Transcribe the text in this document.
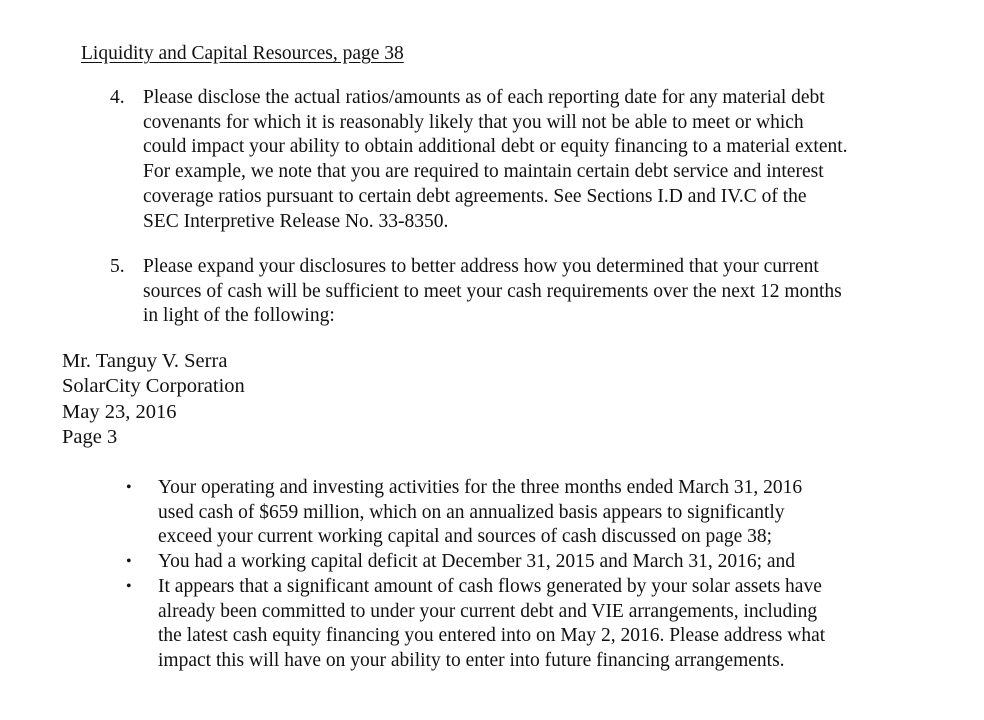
Liquidity and Capital Resources, page 38
4. Please disclose the actual ratios/amounts as of each reporting date for any material debt
covenants for which it is reasonably likely that you will not be able to meet or which
could impact your ability to obtain additional debt or equity financing to a material extent.
For example, we note that you are required to maintain certain debt service and interest
coverage ratios pursuant to certain debt agreements. See Sections I.D and IV.C of the
SEC Interpretive Release No. 33-8350.
5. Please expand your disclosures to better address how you determined that your current
sources of cash will be sufficient to meet your cash requirements over the next 12 months
in light of the following:
Mr. Tanguy V. Serra
SolarCity Corporation
May 23, 2016
Page 3
•	Your operating and investing activities for the three months ended March 31, 2016
used cash of $659 million, which on an annualized basis appears to significantly
exceed your current working capital and sources of cash discussed on page 38;
•	You had a working capital deficit at December 31, 2015 and March 31, 2016; and
•	It appears that a significant amount of cash flows generated by your solar assets have
already been committed to under your current debt and VIE arrangements, including
the latest cash equity financing you entered into on May 2, 2016. Please address what
impact this will have on your ability to enter into future financing arrangements.
